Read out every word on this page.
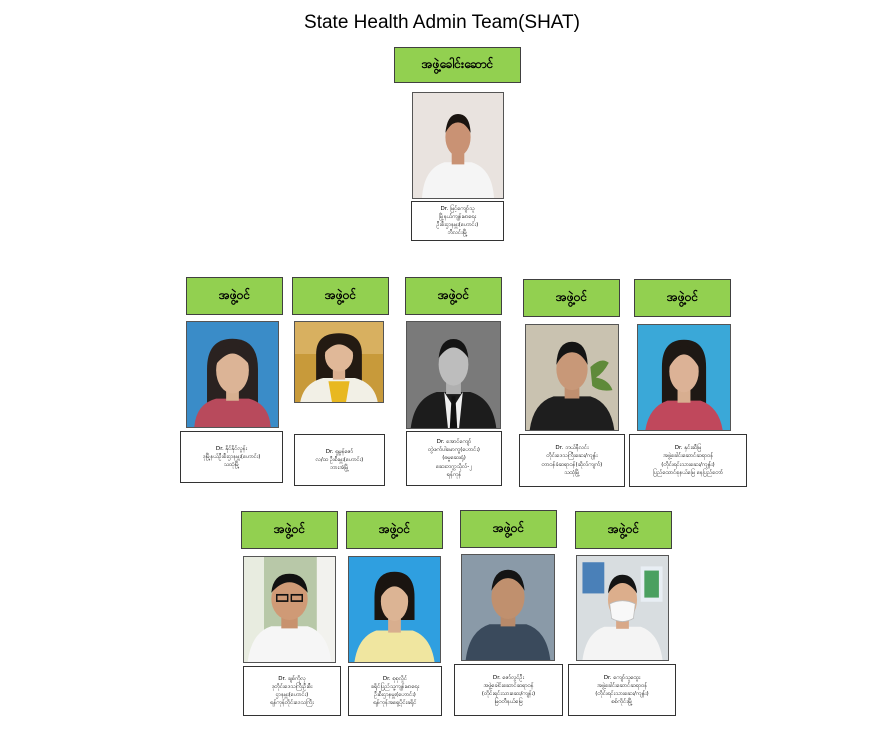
State Health Admin Team(SHAT)
အဖွဲ့ခေါင်းဆောင်
Dr. မြင့်ကျော်သူ
မြို့နယ်ကျန်းမာရေး
ဦးစီးဌာနမှူး(ဟောင်း)
ဘီလင်းမြို့
အဖွဲ့ဝင်
Dr. နိုင်နိုင်လွန်း
ဒုမြို့နယ်ဦးစီးဌာနမှူး(ဟောင်း)
သထုံမြို့
အဖွဲ့ဝင်
Dr. ရှုမွန်ဇော်
လ/ထ ဦးစီးမှူး(ဟောင်း)
ဘားအံမြို့
အဖွဲ့ဝင်
Dr. အောင်ကျော်
တွဲဖက်ပါမောက္ခ(ဟောင်း)
(ဓမ္မဆေးရုံ)
ဆေးတက္ကသိုလ်-၂
ရန်ကုန်
အဖွဲ့ဝင်
Dr. ဘယ်နီလင်း
တိုင်းဒေသကြီးဆေး/ကျန်း
တာဝန်ခံဆရာဝန်(ဆိုလ်ကျက်)
သထုံမြို့
အဖွဲ့ဝင်
Dr. နှင်းဆီမြ
အဖွဲ့ခေါင်းဆောင်ဆရာဝန်
(တိုင်းရင်းသားဆေး/ကျန်း)
ပြည်ထောင်စုနယ်မြေ နေပြည်တော်
အဖွဲ့ဝင်
Dr. ချစ်ကိုလှ
ဒုတိုင်းဒေသကြီးဦးစီး
ဌာနမှူး(ဟောင်း)
ရန်ကုန်တိုင်းဒေသကြီး
အဖွဲ့ဝင်
Dr. စုစုလှိုင်
ခရိုင်ပြည်သူ့ကျန်းမာရေး
ဦးစီးဌာနမှူး(ဟောင်း)
ရန်ကုန်အရှေ့ပိုင်းခရိုင်
အဖွဲ့ဝင်
Dr. ဇော်လွင်ဦး
အဖွဲ့ခေါင်းဆောင်ဆရာဝန်
(တိုင်းရင်းသားဆေး/ကျန်း)
မြဝတီနယ်မြေ
အဖွဲ့ဝင်
Dr. ကျော်သူထွေး
အဖွဲ့ခေါင်းဆောင်ဆရာဝန်
(တိုင်းရင်းသားဆေး/ကျန်း)
စစ်ကိုင်းမြို့
